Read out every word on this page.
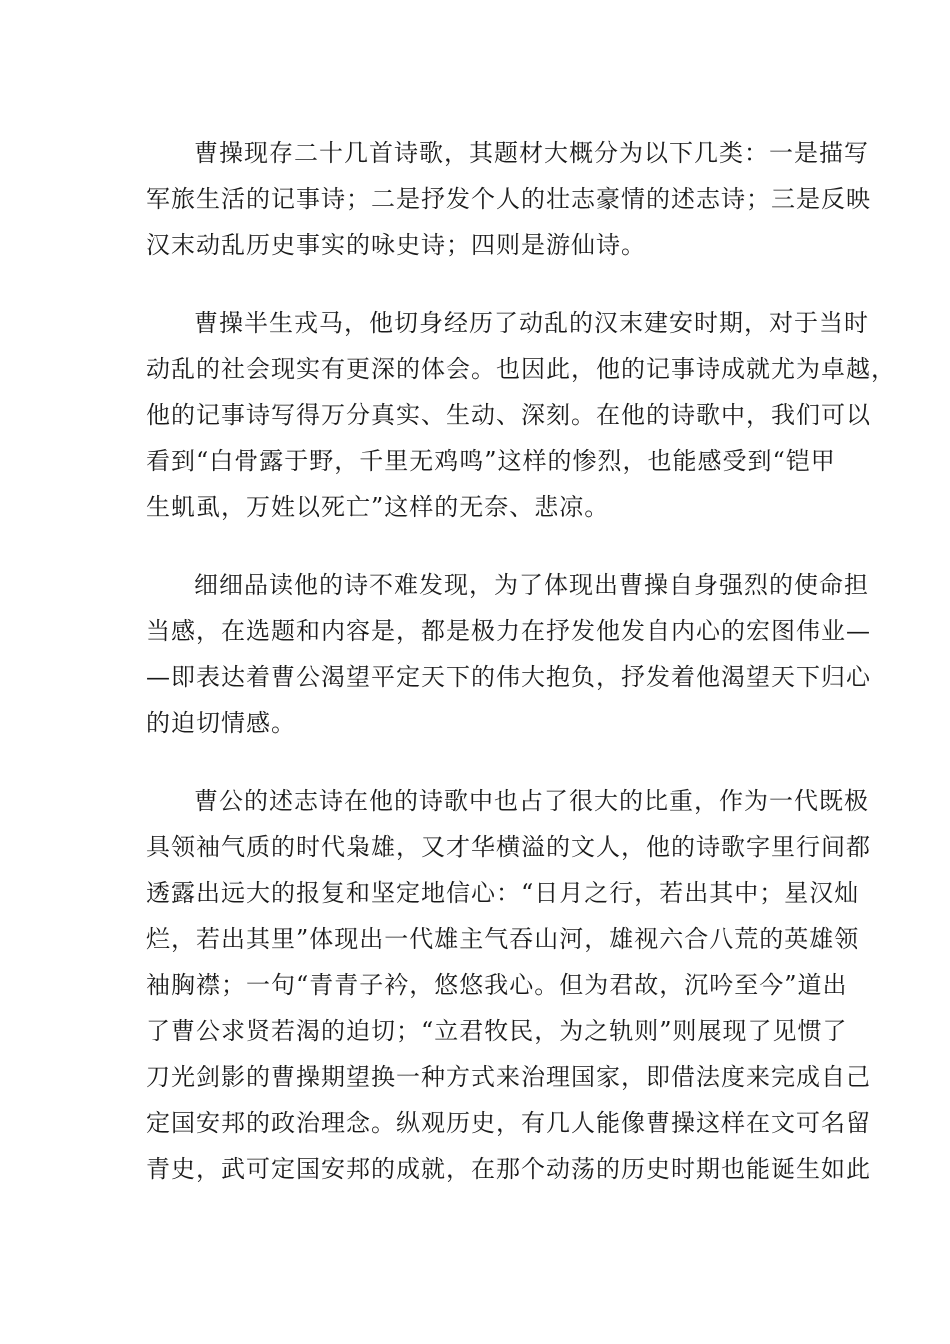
曹操现存二十几首诗歌，其题材大概分为以下几类：一是描写
军旅生活的记事诗；二是抒发个人的壮志豪情的述志诗；三是反映
汉末动乱历史事实的咏史诗；四则是游仙诗。

曹操半生戎马，他切身经历了动乱的汉末建安时期，对于当时
动乱的社会现实有更深的体会。也因此，他的记事诗成就尤为卓越，
他的记事诗写得万分真实、生动、深刻。在他的诗歌中，我们可以
看到“白骨露于野，千里无鸡鸣”这样的惨烈，也能感受到“铠甲
生虮虱，万姓以死亡”这样的无奈、悲凉。

细细品读他的诗不难发现，为了体现出曹操自身强烈的使命担
当感，在选题和内容是，都是极力在抒发他发自内心的宏图伟业—
—即表达着曹公渴望平定天下的伟大抱负，抒发着他渴望天下归心
的迫切情感。

曹公的述志诗在他的诗歌中也占了很大的比重，作为一代既极
具领袖气质的时代枭雄，又才华横溢的文人，他的诗歌字里行间都
透露出远大的报复和坚定地信心：“日月之行，若出其中；星汉灿
烂，若出其里”体现出一代雄主气吞山河，雄视六合八荒的英雄领
袖胸襟；一句“青青子衿，悠悠我心。但为君故，沉吟至今”道出
了曹公求贤若渴的迫切；“立君牧民，为之轨则”则展现了见惯了
刀光剑影的曹操期望换一种方式来治理国家，即借法度来完成自己
定国安邦的政治理念。纵观历史，有几人能像曹操这样在文可名留
青史，武可定国安邦的成就，在那个动荡的历史时期也能诞生如此
